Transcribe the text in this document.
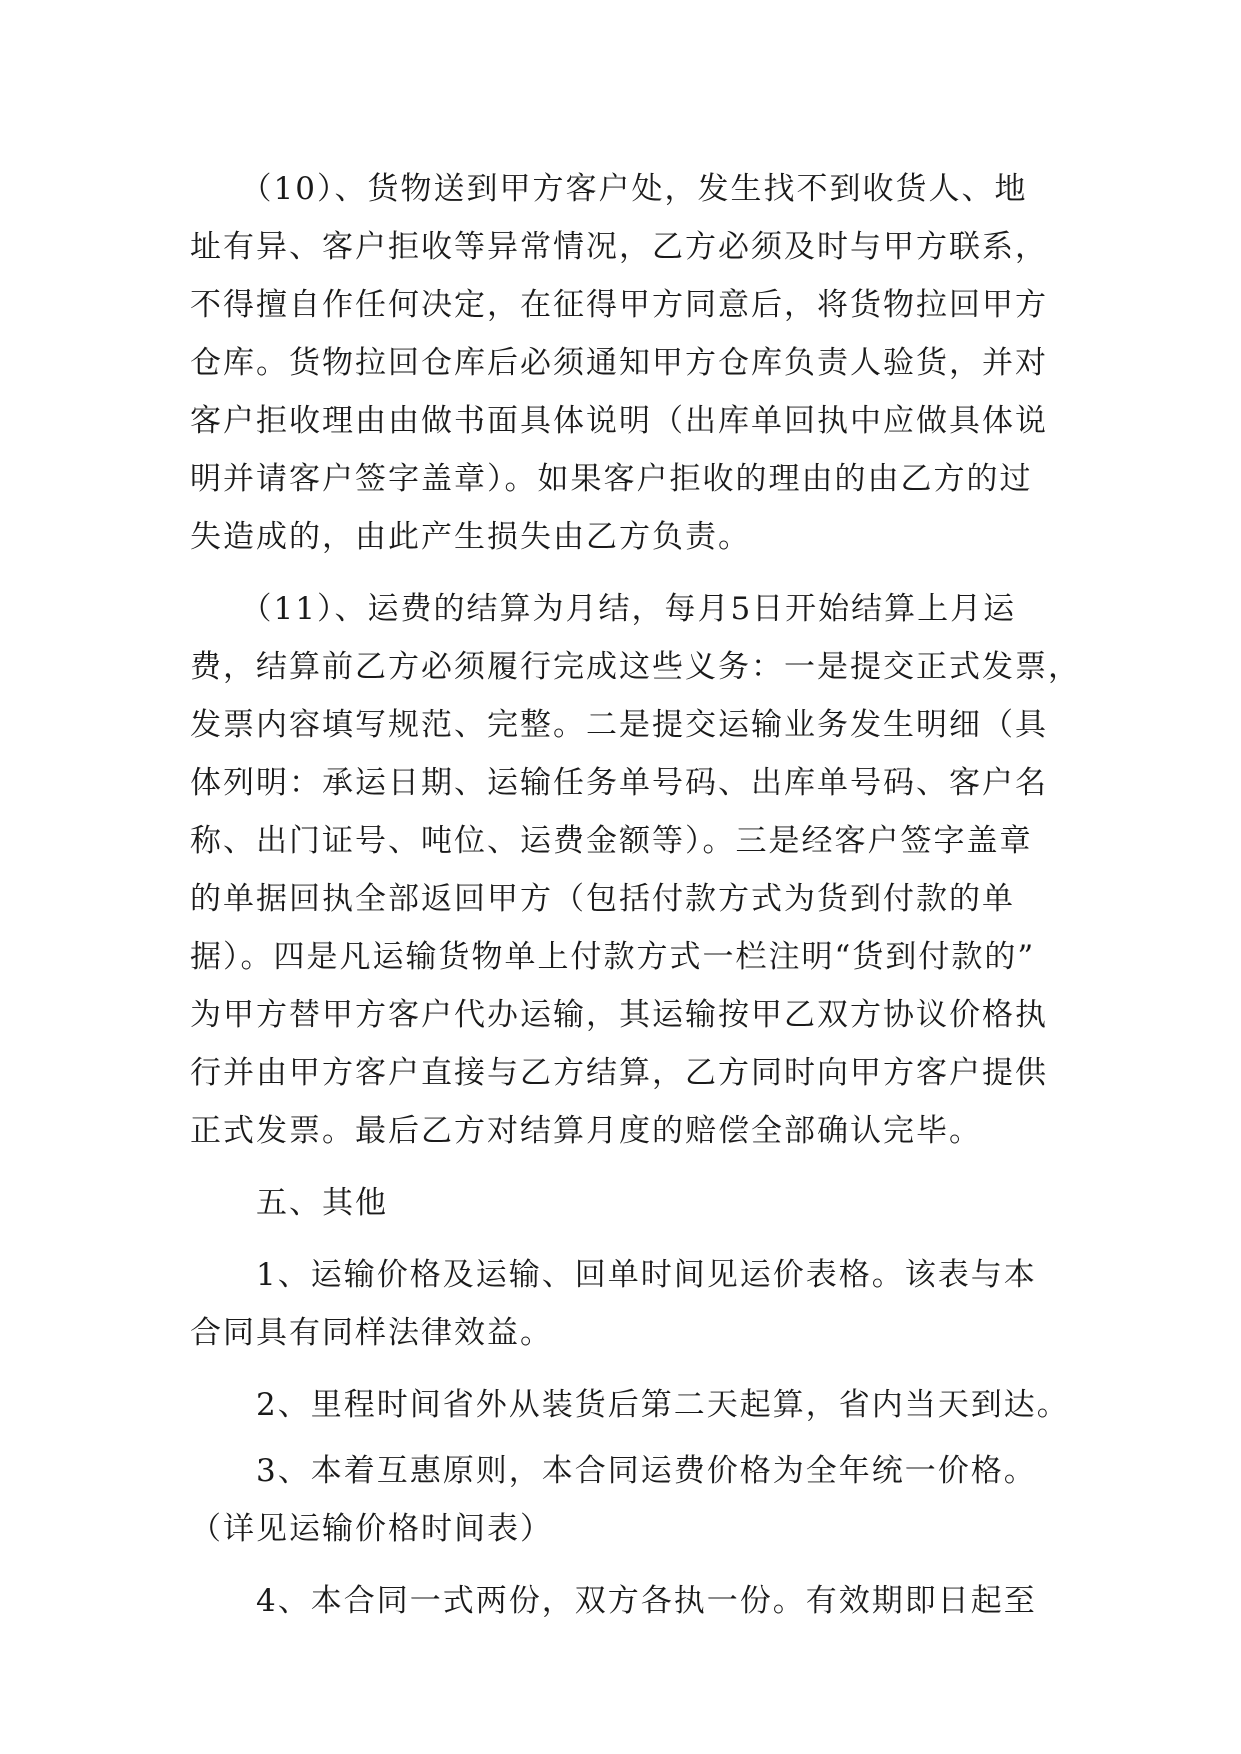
　　（10）、货物送到甲方客户处，发生找不到收货人、地
址有异、客户拒收等异常情况，乙方必须及时与甲方联系，
不得擅自作任何决定，在征得甲方同意后，将货物拉回甲方
仓库。货物拉回仓库后必须通知甲方仓库负责人验货，并对
客户拒收理由由做书面具体说明（出库单回执中应做具体说
明并请客户签字盖章）。如果客户拒收的理由的由乙方的过
失造成的，由此产生损失由乙方负责。
　　（11）、运费的结算为月结，每月5日开始结算上月运
费，结算前乙方必须履行完成这些义务：一是提交正式发票，
发票内容填写规范、完整。二是提交运输业务发生明细（具
体列明：承运日期、运输任务单号码、出库单号码、客户名
称、出门证号、吨位、运费金额等）。三是经客户签字盖章
的单据回执全部返回甲方（包括付款方式为货到付款的单
据）。四是凡运输货物单上付款方式一栏注明“货到付款的”
为甲方替甲方客户代办运输，其运输按甲乙双方协议价格执
行并由甲方客户直接与乙方结算，乙方同时向甲方客户提供
正式发票。最后乙方对结算月度的赔偿全部确认完毕。
　　五、其他
　　1、运输价格及运输、回单时间见运价表格。该表与本
合同具有同样法律效益。
　　2、里程时间省外从装货后第二天起算，省内当天到达。
　　3、本着互惠原则，本合同运费价格为全年统一价格。
（详见运输价格时间表）
　　4、本合同一式两份，双方各执一份。有效期即日起至
